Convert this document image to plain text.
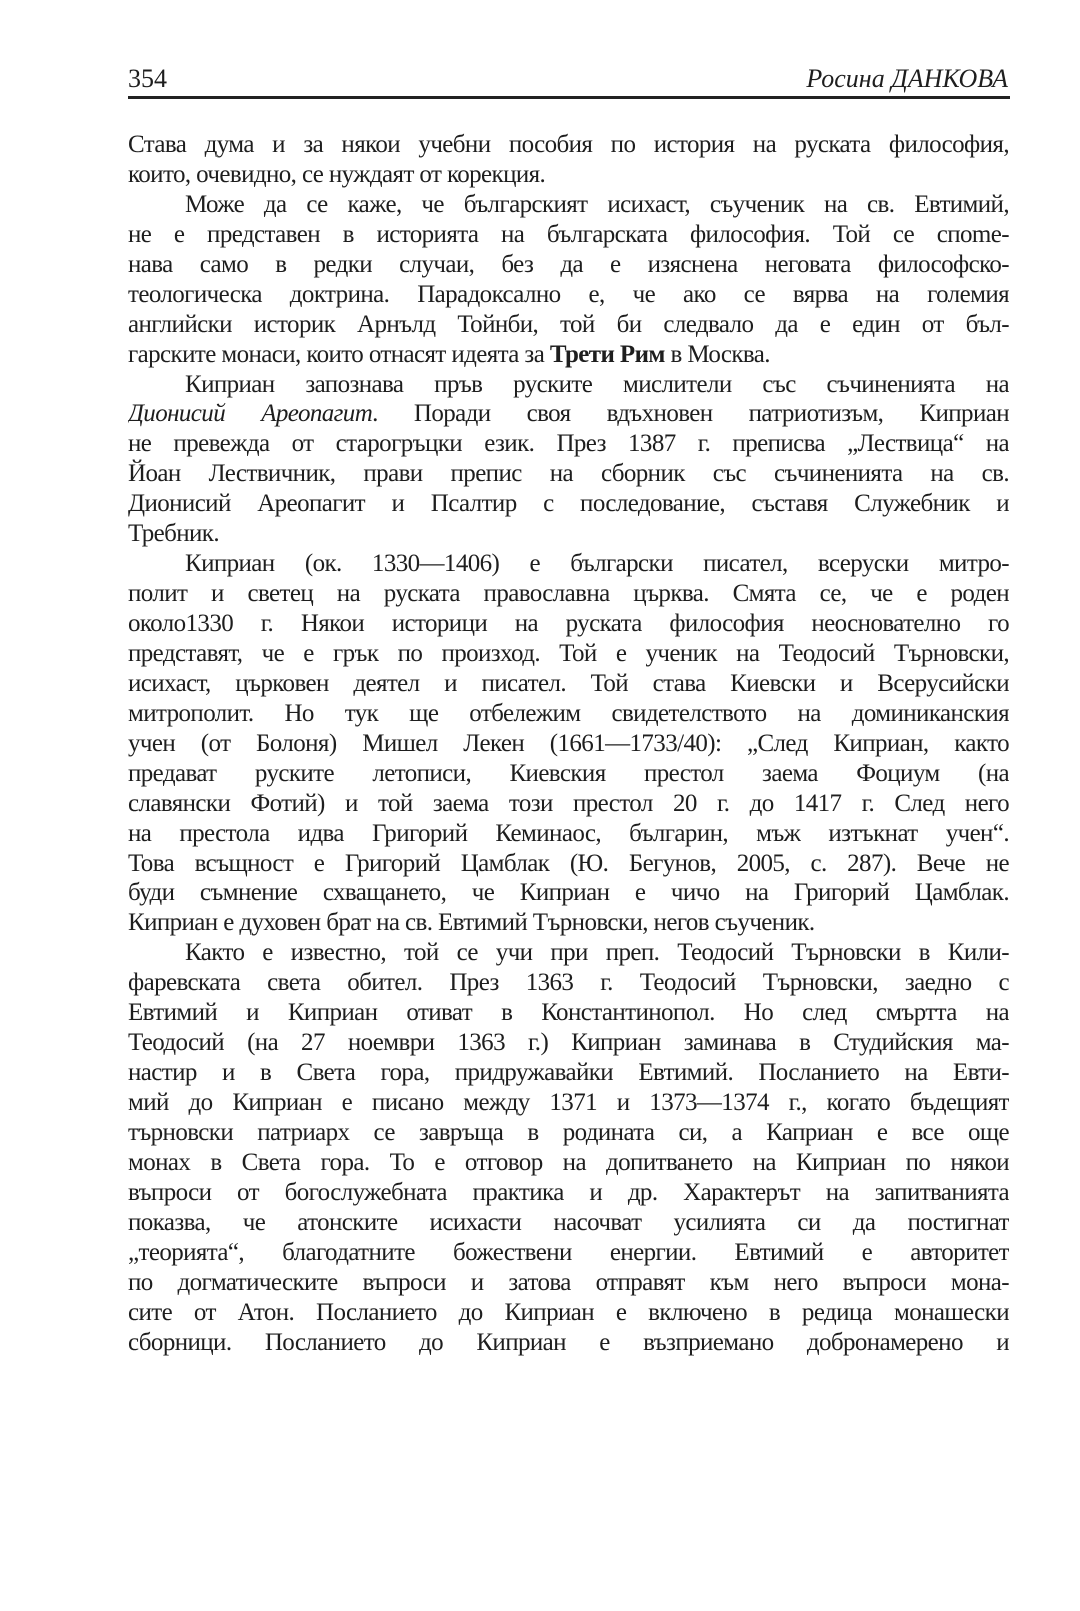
354	Росина ДАНКОВА
Става дума и за някои учебни пособия по история на руската философия,
които, очевидно, се нуждаят от корекция.
Може да се каже, че българският исихаст, съученик на св. Евтимий,
не е представен в историята на българската философия. Той се спome-
нава само в редки случаи, без да е изяснена неговата философско-
теологическа доктрина. Парадоксално е, че ако се вярва на големия
английски историк Арнълд Тойнби, той би следвало да е един от бъл-
гарските монаси, които отнасят идеята за Трети Рим в Москва.
Киприан запознава пръв руските мислители със съчиненията на
Дионисий Ареопагит. Поради своя вдъхновен патриотизъм, Киприан
не превежда от старогръцки език. През 1387 г. преписва „Лествица“ на
Йоан Лествичник, прави препис на сборник със съчиненията на св.
Дионисий Ареопагит и Псалтир с последование, съставя Служебник и
Требник.
Киприан (ок. 1330—1406) е български писател, всеруски митро-
полит и светец на руската православна църква. Смята се, че е роден
около1330 г. Някои историци на руската философия неоснователно го
представят, че е грък по произход. Той е ученик на Теодосий Търновски,
исихаст, църковен деятел и писател. Той става Киевски и Всерусийски
митрополит. Но тук ще отбележим свидетелството на доминиканския
учен (от Болоня) Мишел Лекен (1661—1733/40): „След Киприан, както
предават руските летописи, Киевския престол заема Фоциум (на
славянски Фотий) и той заема този престол 20 г. до 1417 г. След него
на престола идва Григорий Кеминаос, българин, мъж изтъкнат учен“.
Това всъщност е Григорий Цамблак (Ю. Бегунов, 2005, с. 287). Вече не
буди съмнение схващането, че Киприан е чичо на Григорий Цамблак.
Киприан е духовен брат на св. Евтимий Търновски, негов съученик.
Както е известно, той се учи при преп. Теодосий Търновски в Кили-
фаревската света обител. През 1363 г. Теодосий Търновски, заедно с
Евтимий и Киприан отиват в Константинопол. Но след смъртта на
Теодосий (на 27 ноември 1363 г.) Киприан заминава в Студийския ма-
настир и в Света гора, придружавайки Евтимий. Посланието на Евти-
мий до Киприан е писано между 1371 и 1373—1374 г., когато бъдещият
търновски патриарх се завръща в родината си, а Каприан е все още
монах в Света гора. То е отговор на допитването на Киприан по някои
въпроси от богослужебната практика и др. Характерът на запитванията
показва, че атонските исихасти насочват усилията си да постигнат
„теорията“, благодатните божествени енергии. Евтимий е авторитет
по догматическите въпроси и затова отправят към него въпроси мона-
сите от Атон. Посланието до Киприан е включено в редица монашески
сборници. Посланието до Киприан е възприемано добронамерено и
